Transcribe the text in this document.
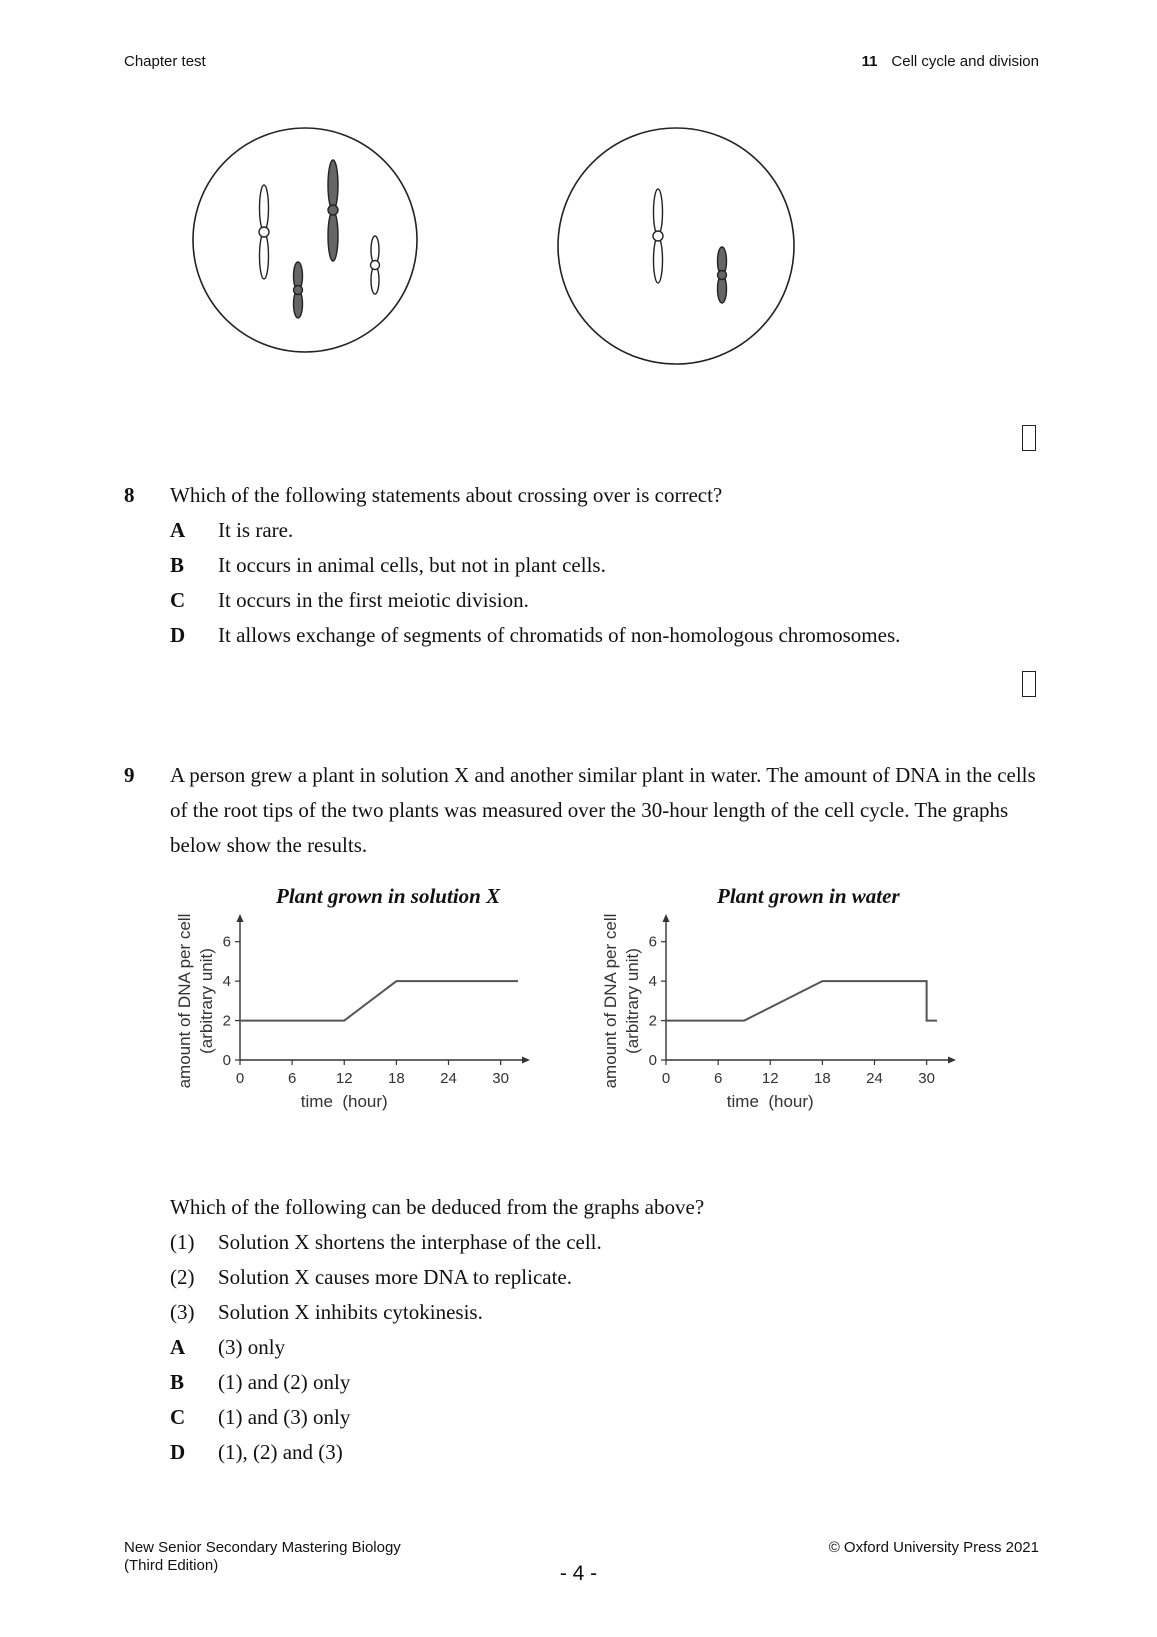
Chapter test	11 Cell cycle and division
8	Which of the following statements about crossing over is correct?
A It is rare.
B It occurs in animal cells, but not in plant cells.
C It occurs in the first meiotic division.
D It allows exchange of segments of chromatids of non-homologous chromosomes.
9	A person grew a plant in solution X and another similar plant in water. The amount of DNA in the cells of the root tips of the two plants was measured over the 30-hour length of the cell cycle. The graphs below show the results.
Plant grown in solution X	Plant grown in water
0	6	12 18 24 30
0
2
4
6
time  (hour)
amount of DNA per cell (arbitrary unit)
0	6	12 18 24 30
0
2
4
6
time  (hour)
amount of DNA per cell (arbitrary unit)
Which of the following can be deduced from the graphs above?
(1) Solution X shortens the interphase of the cell.
(2) Solution X causes more DNA to replicate.
(3) Solution X inhibits cytokinesis.
A (3) only
B (1) and (2) only
C (1) and (3) only
D (1), (2) and (3)
New Senior Secondary Mastering Biology
(Third Edition)	- 4 -
© Oxford University Press 2021
